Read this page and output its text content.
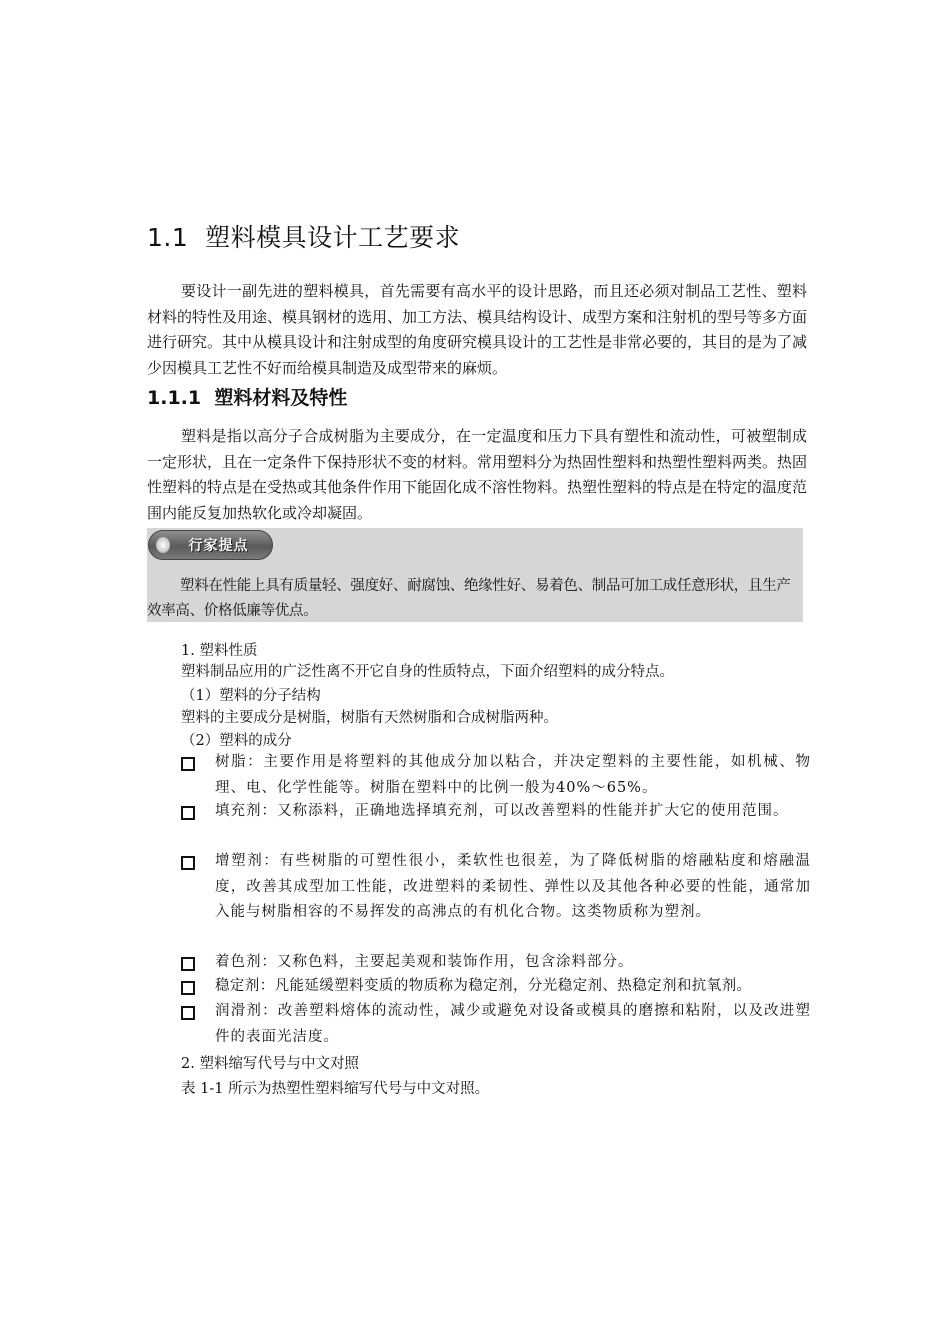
1.1 塑料模具设计工艺要求

要设计一副先进的塑料模具，首先需要有高水平的设计思路，而且还必须对制品工艺性、塑料材料的特性及用途、模具钢材的选用、加工方法、模具结构设计、成型方案和注射机的型号等多方面进行研究。其中从模具设计和注射成型的角度研究模具设计的工艺性是非常必要的，其目的是为了减少因模具工艺性不好而给模具制造及成型带来的麻烦。

1.1.1 塑料材料及特性

塑料是指以高分子合成树脂为主要成分，在一定温度和压力下具有塑性和流动性，可被塑制成一定形状，且在一定条件下保持形状不变的材料。常用塑料分为热固性塑料和热塑性塑料两类。热固性塑料的特点是在受热或其他条件作用下能固化成不溶性物料。热塑性塑料的特点是在特定的温度范围内能反复加热软化或冷却凝固。

行家提点

塑料在性能上具有质量轻、强度好、耐腐蚀、绝缘性好、易着色、制品可加工成任意形状，且生产效率高、价格低廉等优点。

1. 塑料性质

塑料制品应用的广泛性离不开它自身的性质特点，下面介绍塑料的成分特点。

（1）塑料的分子结构

塑料的主要成分是树脂，树脂有天然树脂和合成树脂两种。

（2）塑料的成分

树脂：主要作用是将塑料的其他成分加以粘合，并决定塑料的主要性能，如机械、物理、电、化学性能等。树脂在塑料中的比例一般为40%～65%。
填充剂：又称添料，正确地选择填充剂，可以改善塑料的性能并扩大它的使用范围。
增塑剂：有些树脂的可塑性很小，柔软性也很差，为了降低树脂的熔融粘度和熔融温度，改善其成型加工性能，改进塑料的柔韧性、弹性以及其他各种必要的性能，通常加入能与树脂相容的不易挥发的高沸点的有机化合物。这类物质称为塑剂。
着色剂：又称色料，主要起美观和装饰作用，包含涂料部分。
稳定剂：凡能延缓塑料变质的物质称为稳定剂，分光稳定剂、热稳定剂和抗氧剂。
润滑剂：改善塑料熔体的流动性，减少或避免对设备或模具的磨擦和粘附，以及改进塑件的表面光洁度。

2. 塑料缩写代号与中文对照

表 1-1 所示为热塑性塑料缩写代号与中文对照。
